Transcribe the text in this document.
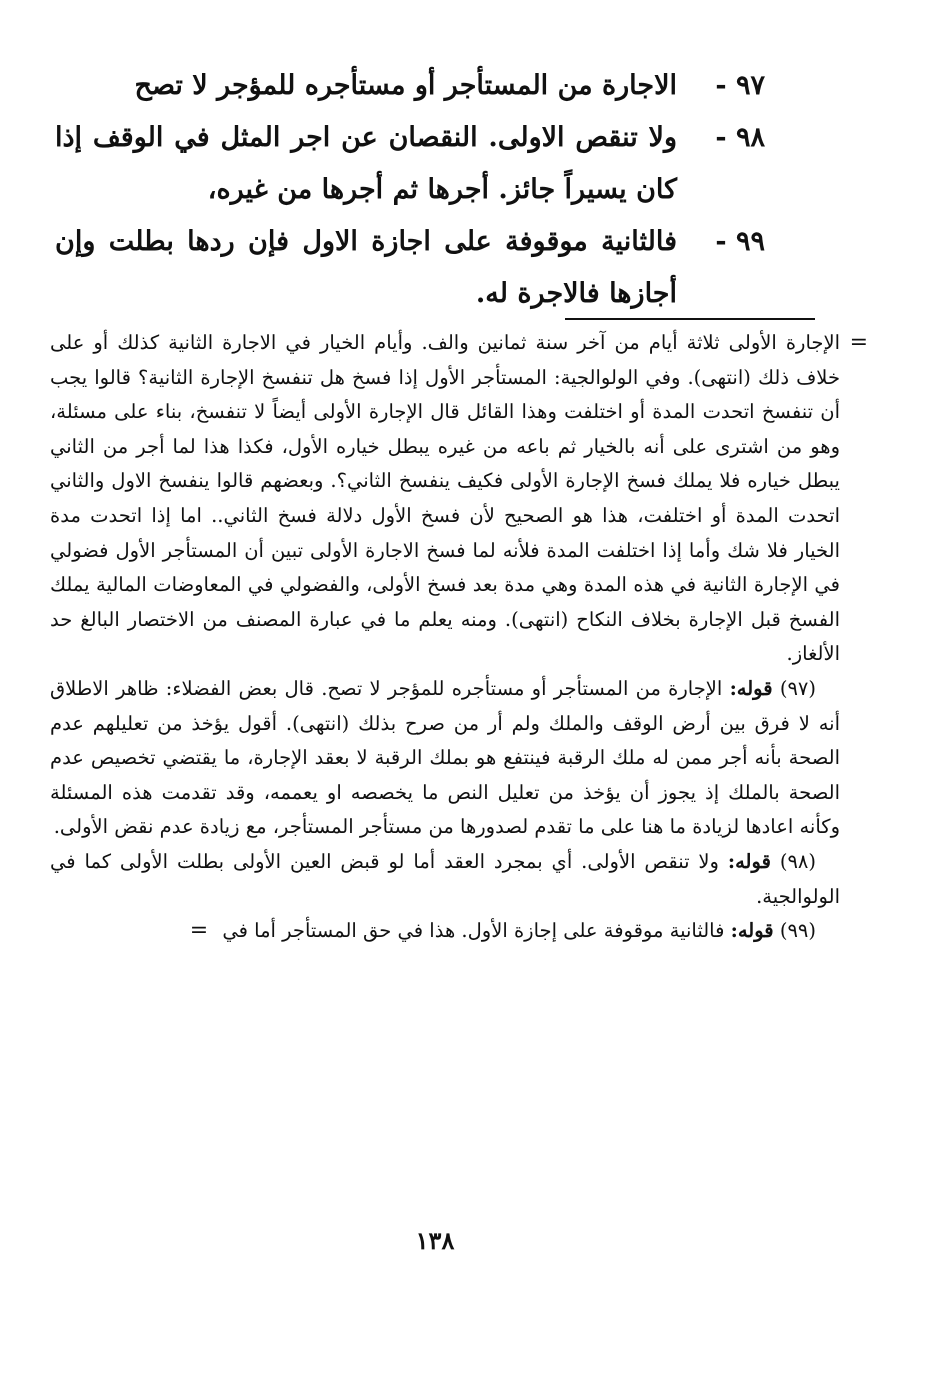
٩٧ -
الاجارة من المستأجر أو مستأجره للمؤجر لا تصح
٩٨ -
ولا تنقص الاولى. النقصان عن اجر المثل في الوقف إذا كان يسيراً جائز. أجرها ثم أجرها من غيره،
٩٩ -
فالثانية موقوفة على اجازة الاول فإن ردها بطلت وإن أجازها فالاجرة له.
=

الإجارة الأولى ثلاثة أيام من آخر سنة ثمانين والف. وأيام الخيار في الاجارة الثانية كذلك أو على خلاف ذلك (انتهى). وفي الولوالجية: المستأجر الأول إذا فسخ هل تنفسخ الإجارة الثانية؟ قالوا يجب أن تنفسخ اتحدت المدة أو اختلفت وهذا القائل قال الإجارة الأولى أيضاً لا تنفسخ، بناء على مسئلة، وهو من اشترى على أنه بالخيار ثم باعه من غيره يبطل خياره الأول، فكذا هذا لما أجر من الثاني يبطل خياره فلا يملك فسخ الإجارة الأولى فكيف ينفسخ الثاني؟. وبعضهم قالوا ينفسخ الاول والثاني اتحدت المدة أو اختلفت، هذا هو الصحيح لأن فسخ الأول دلالة فسخ الثاني.. اما إذا اتحدت مدة الخيار فلا شك وأما إذا اختلفت المدة فلأنه لما فسخ الاجارة الأولى تبين أن المستأجر الأول فضولي في الإجارة الثانية في هذه المدة وهي مدة بعد فسخ الأولى، والفضولي في المعاوضات المالية يملك الفسخ قبل الإجارة بخلاف النكاح (انتهى). ومنه يعلم ما في عبارة المصنف من الاختصار البالغ حد الألغاز.

(٩٧) قوله: الإجارة من المستأجر أو مستأجره للمؤجر لا تصح. قال بعض الفضلاء: ظاهر الاطلاق أنه لا فرق بين أرض الوقف والملك ولم أر من صرح بذلك (انتهى). أقول يؤخذ من تعليلهم عدم الصحة بأنه أجر ممن له ملك الرقبة فينتفع هو بملك الرقبة لا بعقد الإجارة، ما يقتضي تخصيص عدم الصحة بالملك إذ يجوز أن يؤخذ من تعليل النص ما يخصصه او يعممه، وقد تقدمت هذه المسئلة وكأنه اعادها لزيادة ما هنا على ما تقدم لصدورها من مستأجر المستأجر، مع زيادة عدم نقض الأولى.

(٩٨) قوله: ولا تنقص الأولى. أي بمجرد العقد أما لو قبض العين الأولى بطلت الأولى كما في الولوالجية.

(٩٩) قوله: فالثانية موقوفة على إجازة الأول. هذا في حق المستأجر أما في =

١٣٨
